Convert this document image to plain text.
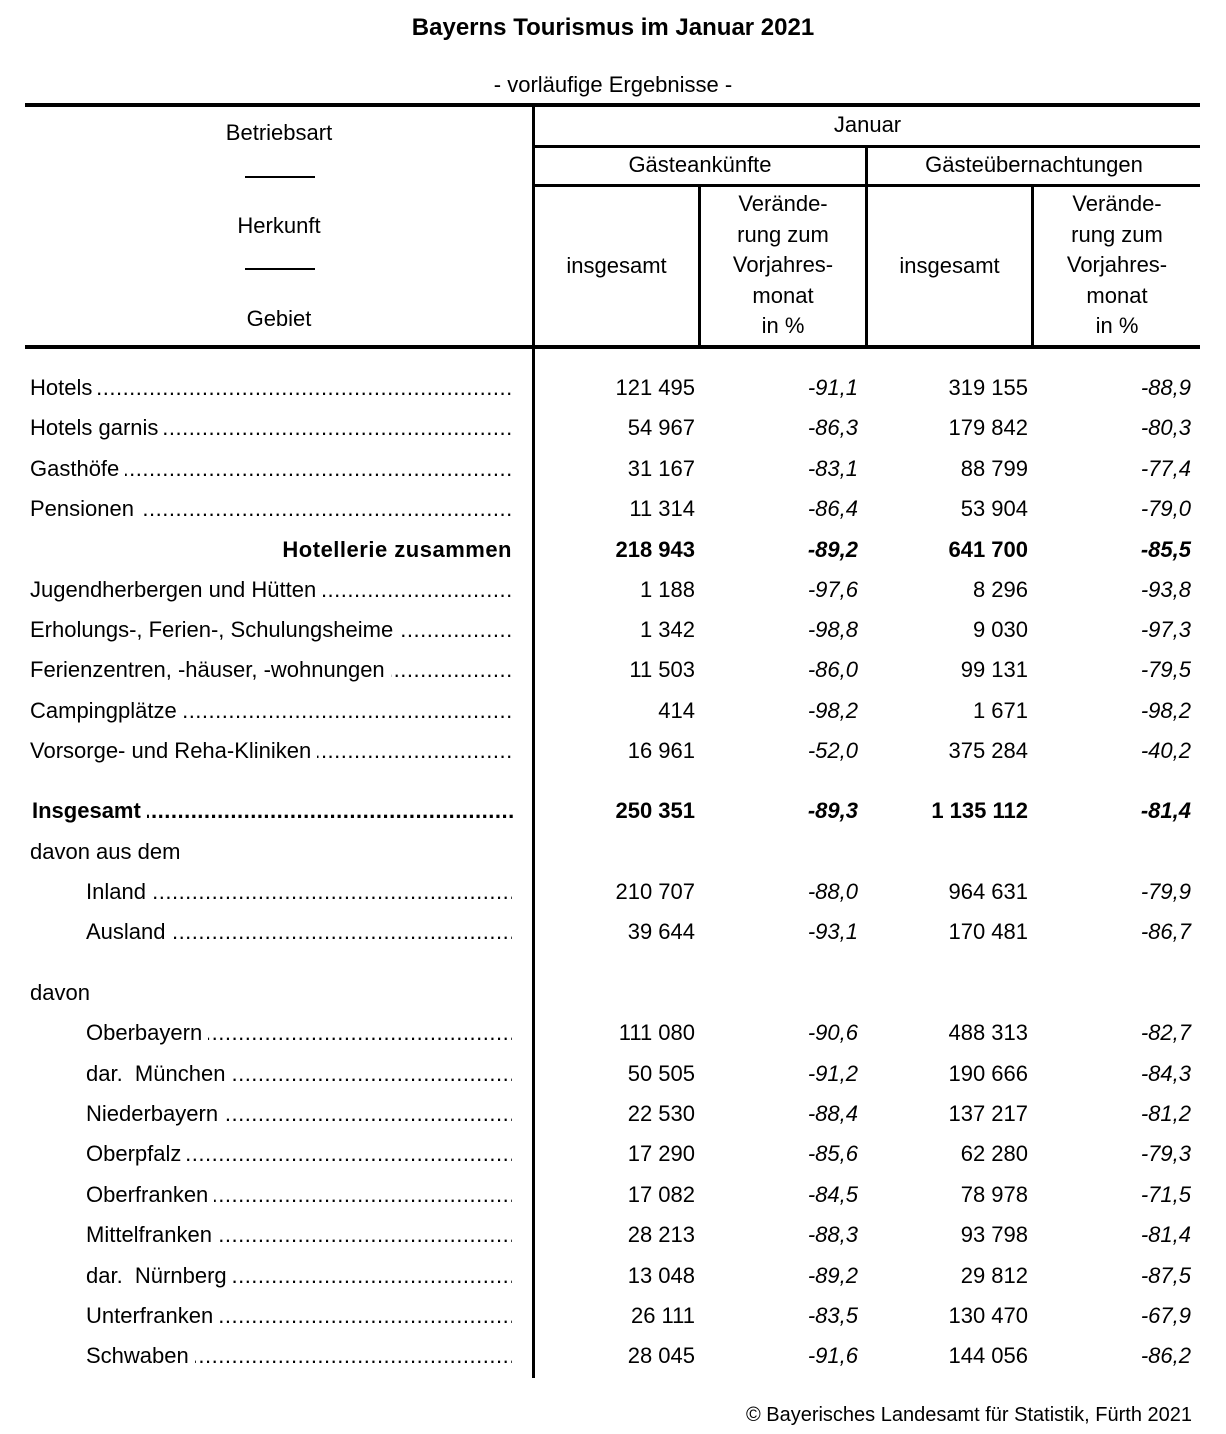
Bayerns Tourismus im Januar 2021
- vorläufige Ergebnisse -
Betriebsart
Herkunft
Gebiet
Januar
Gästeankünfte	Gästeübernachtungen
insgesamt
Verände-
rung zum
Vorjahres-
monat
in %
insgesamt
Verände-
rung zum
Vorjahres-
monat
in %
Hotels .....	121 495	-91,1	319 155	-88,9
Hotels garnis .....	54 967	-86,3	179 842	-80,3
Gasthöfe .....	31 167	-83,1	88 799	-77,4
Pensionen .....	11 314	-86,4	53 904	-79,0
Hotellerie zusammen	218 943	-89,2	641 700	-85,5
Jugendherbergen und Hütten .....	1 188	-97,6	8 296	-93,8
Erholungs-, Ferien-, Schulungsheime .....	1 342	-98,8	9 030	-97,3
Ferienzentren, -häuser, -wohnungen .....	11 503	-86,0	99 131	-79,5
Campingplätze .....	414	-98,2	1 671	-98,2
Vorsorge- und Reha-Kliniken .....	16 961	-52,0	375 284	-40,2
Insgesamt .....	250 351	-89,3	1 135 112	-81,4
davon aus dem
Inland .....	210 707	-88,0	964 631	-79,9
Ausland .....	39 644	-93,1	170 481	-86,7
davon
Oberbayern .....	111 080	-90,6	488 313	-82,7
dar.  München .....	50 505	-91,2	190 666	-84,3
Niederbayern .....	22 530	-88,4	137 217	-81,2
Oberpfalz .....	17 290	-85,6	62 280	-79,3
Oberfranken .....	17 082	-84,5	78 978	-71,5
Mittelfranken .....	28 213	-88,3	93 798	-81,4
dar.  Nürnberg .....	13 048	-89,2	29 812	-87,5
Unterfranken .....	26 111	-83,5	130 470	-67,9
Schwaben .....	28 045	-91,6	144 056	-86,2
© Bayerisches Landesamt für Statistik, Fürth 2021
